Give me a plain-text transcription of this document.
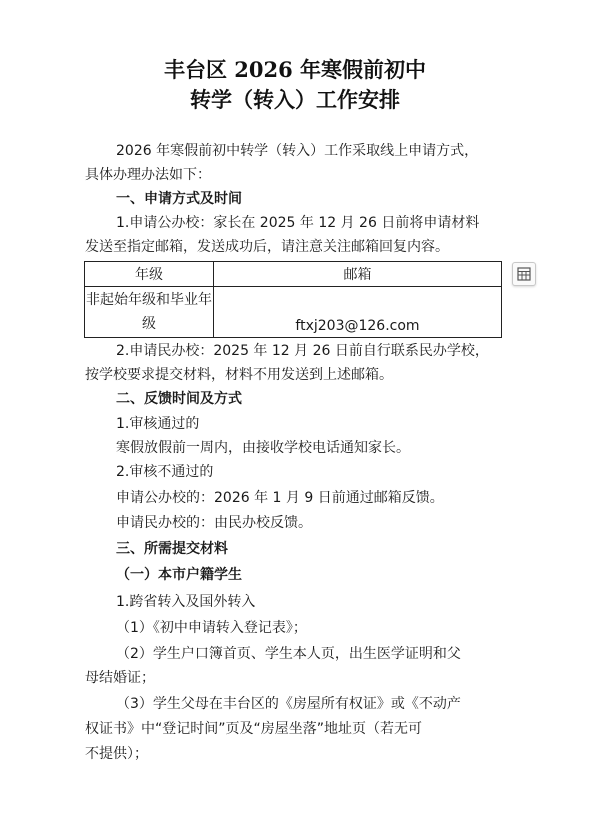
丰台区 2026 年寒假前初中
转学（转入）工作安排
2026 年寒假前初中转学（转入）工作采取线上申请方式，
具体办理办法如下：
一、申请方式及时间
1.申请公办校：家长在 2025 年 12 月 26 日前将申请材料
发送至指定邮箱，发送成功后，请注意关注邮箱回复内容。
年级	邮箱
非起始年级和毕业年级	ftxj203@126.com
2.申请民办校：2025 年 12 月 26 日前自行联系民办学校，
按学校要求提交材料，材料不用发送到上述邮箱。
二、反馈时间及方式
1.审核通过的
寒假放假前一周内，由接收学校电话通知家长。
2.审核不通过的
申请公办校的：2026 年 1 月 9 日前通过邮箱反馈。
申请民办校的：由民办校反馈。
三、所需提交材料
（一）本市户籍学生
1.跨省转入及国外转入
（1）《初中申请转入登记表》；
（2）学生户口簿首页、学生本人页，出生医学证明和父
母结婚证；
（3）学生父母在丰台区的《房屋所有权证》或《不动产
权证书》中“登记时间”页及“房屋坐落”地址页（若无可
不提供）；
